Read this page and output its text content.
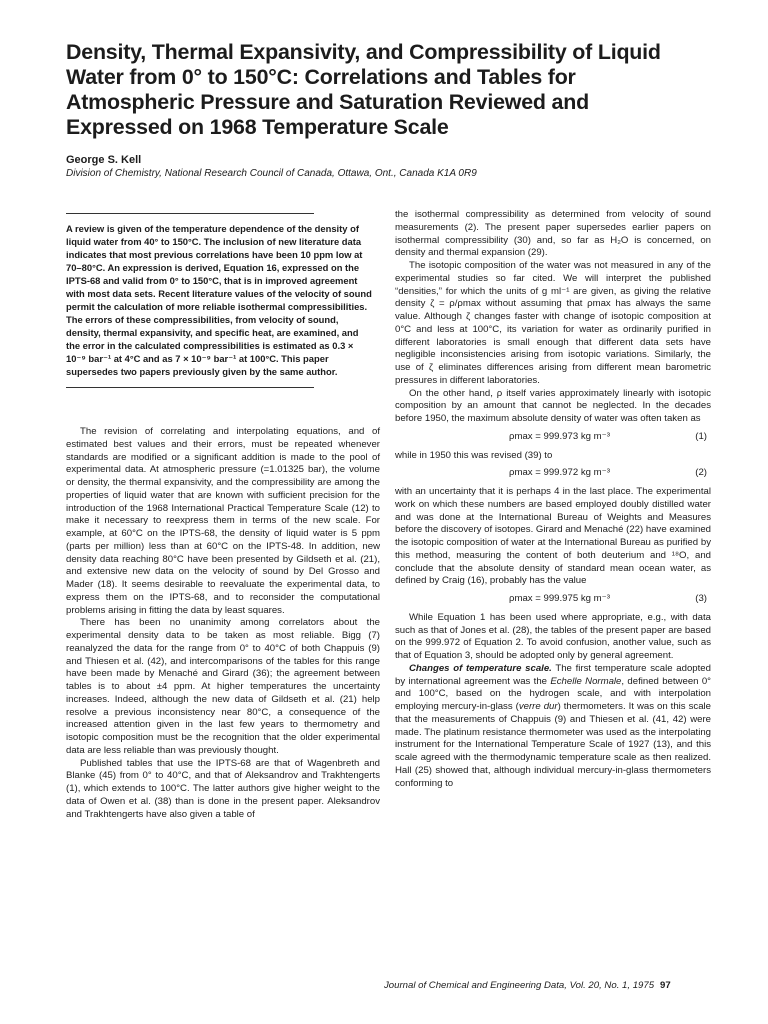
Density, Thermal Expansivity, and Compressibility of Liquid
Water from 0° to 150°C: Correlations and Tables for
Atmospheric Pressure and Saturation Reviewed and
Expressed on 1968 Temperature Scale

George S. Kell

Division of Chemistry, National Research Council of Canada, Ottawa, Ont., Canada K1A 0R9

A review is given of the temperature dependence of the density of liquid water from 40° to 150°C. The inclusion of new literature data indicates that most previous correlations have been 10 ppm low at 70–80°C. An expression is derived, Equation 16, expressed on the IPTS-68 and valid from 0° to 150°C, that is in improved agreement with most data sets. Recent literature values of the velocity of sound permit the calculation of more reliable isothermal compressibilities. The errors of these compressibilities, from velocity of sound, density, thermal expansivity, and specific heat, are examined, and the error in the calculated compressibilities is estimated as 0.3 × 10⁻⁹ bar⁻¹ at 4°C and as 7 × 10⁻⁹ bar⁻¹ at 100°C. This paper supersedes two papers previously given by the same author.

The revision of correlating and interpolating equations, and of estimated best values and their errors, must be repeated whenever standards are modified or a significant addition is made to the pool of experimental data. At atmospheric pressure (=1.01325 bar), the volume or density, the thermal expansivity, and the compressibility are among the properties of liquid water that are known with sufficient precision for the introduction of the 1968 International Practical Temperature Scale (12) to make it necessary to reexpress them in terms of the new scale. For example, at 60°C on the IPTS-68, the density of liquid water is 5 ppm (parts per million) less than at 60°C on the IPTS-48. In addition, new density data reaching 80°C have been presented by Gildseth et al. (21), and extensive new data on the velocity of sound by Del Grosso and Mader (18). It seems desirable to reevaluate the experimental data, to express them on the IPTS-68, and to reconsider the computational problems arising in fitting the data by least squares.

There has been no unanimity among correlators about the experimental density data to be taken as most reliable. Bigg (7) reanalyzed the data for the range from 0° to 40°C of both Chappuis (9) and Thiesen et al. (42), and intercomparisons of the tables for this range have been made by Menaché and Girard (36); the agreement between tables is to about ±4 ppm. At higher temperatures the uncertainty increases. Indeed, although the new data of Gildseth et al. (21) help resolve a previous inconsistency near 80°C, a consequence of the increased attention given in the last few years to thermometry and isotopic composition must be the recognition that the older experimental data are less reliable than was previously thought.

Published tables that use the IPTS-68 are that of Wagenbreth and Blanke (45) from 0° to 40°C, and that of Aleksandrov and Trakhtengerts (1), which extends to 100°C. The latter authors give higher weight to the data of Owen et al. (38) than is done in the present paper. Aleksandrov and Trakhtengerts have also given a table of

the isothermal compressibility as determined from velocity of sound measurements (2). The present paper supersedes earlier papers on isothermal compressibility (30) and, so far as H₂O is concerned, on density and thermal expansion (29).

The isotopic composition of the water was not measured in any of the experimental studies so far cited. We will interpret the published “densities,” for which the units of g ml⁻¹ are given, as giving the relative density ζ = ρ/ρmax without assuming that ρmax has always the same value. Although ζ changes faster with change of isotopic composition at 0°C and less at 100°C, its variation for water as ordinarily purified in different laboratories is small enough that different data sets have negligible inconsistencies arising from isotopic variations. Similarly, the use of ζ eliminates differences arising from different mean barometric pressures in different laboratories.

On the other hand, ρ itself varies approximately linearly with isotopic composition by an amount that cannot be neglected. In the decades before 1950, the maximum absolute density of water was often taken as

ρmax = 999.973 kg m⁻³	(1)

while in 1950 this was revised (39) to

ρmax = 999.972 kg m⁻³	(2)

with an uncertainty that it is perhaps 4 in the last place. The experimental work on which these numbers are based employed doubly distilled water and was done at the International Bureau of Weights and Measures before the discovery of isotopes. Girard and Menaché (22) have examined the isotopic composition of water at the International Bureau as purified by this method, measuring the content of both deuterium and ¹⁸O, and conclude that the absolute density of standard mean ocean water, as defined by Craig (16), probably has the value

ρmax = 999.975 kg m⁻³	(3)

While Equation 1 has been used where appropriate, e.g., with data such as that of Jones et al. (28), the tables of the present paper are based on the 999.972 of Equation 2. To avoid confusion, another value, such as that of Equation 3, should be adopted only by general agreement.

Changes of temperature scale. The first temperature scale adopted by international agreement was the Echelle Normale, defined between 0° and 100°C, based on the hydrogen scale, and with interpolation employing mercury-in-glass (verre dur) thermometers. It was on this scale that the measurements of Chappuis (9) and Thiesen et al. (41, 42) were made. The platinum resistance thermometer was used as the interpolating instrument for the International Temperature Scale of 1927 (13), and this scale agreed with the thermodynamic temperature scale as then realized. Hall (25) showed that, although individual mercury-in-glass thermometers conforming to

Journal of Chemical and Engineering Data, Vol. 20, No. 1, 1975 97
